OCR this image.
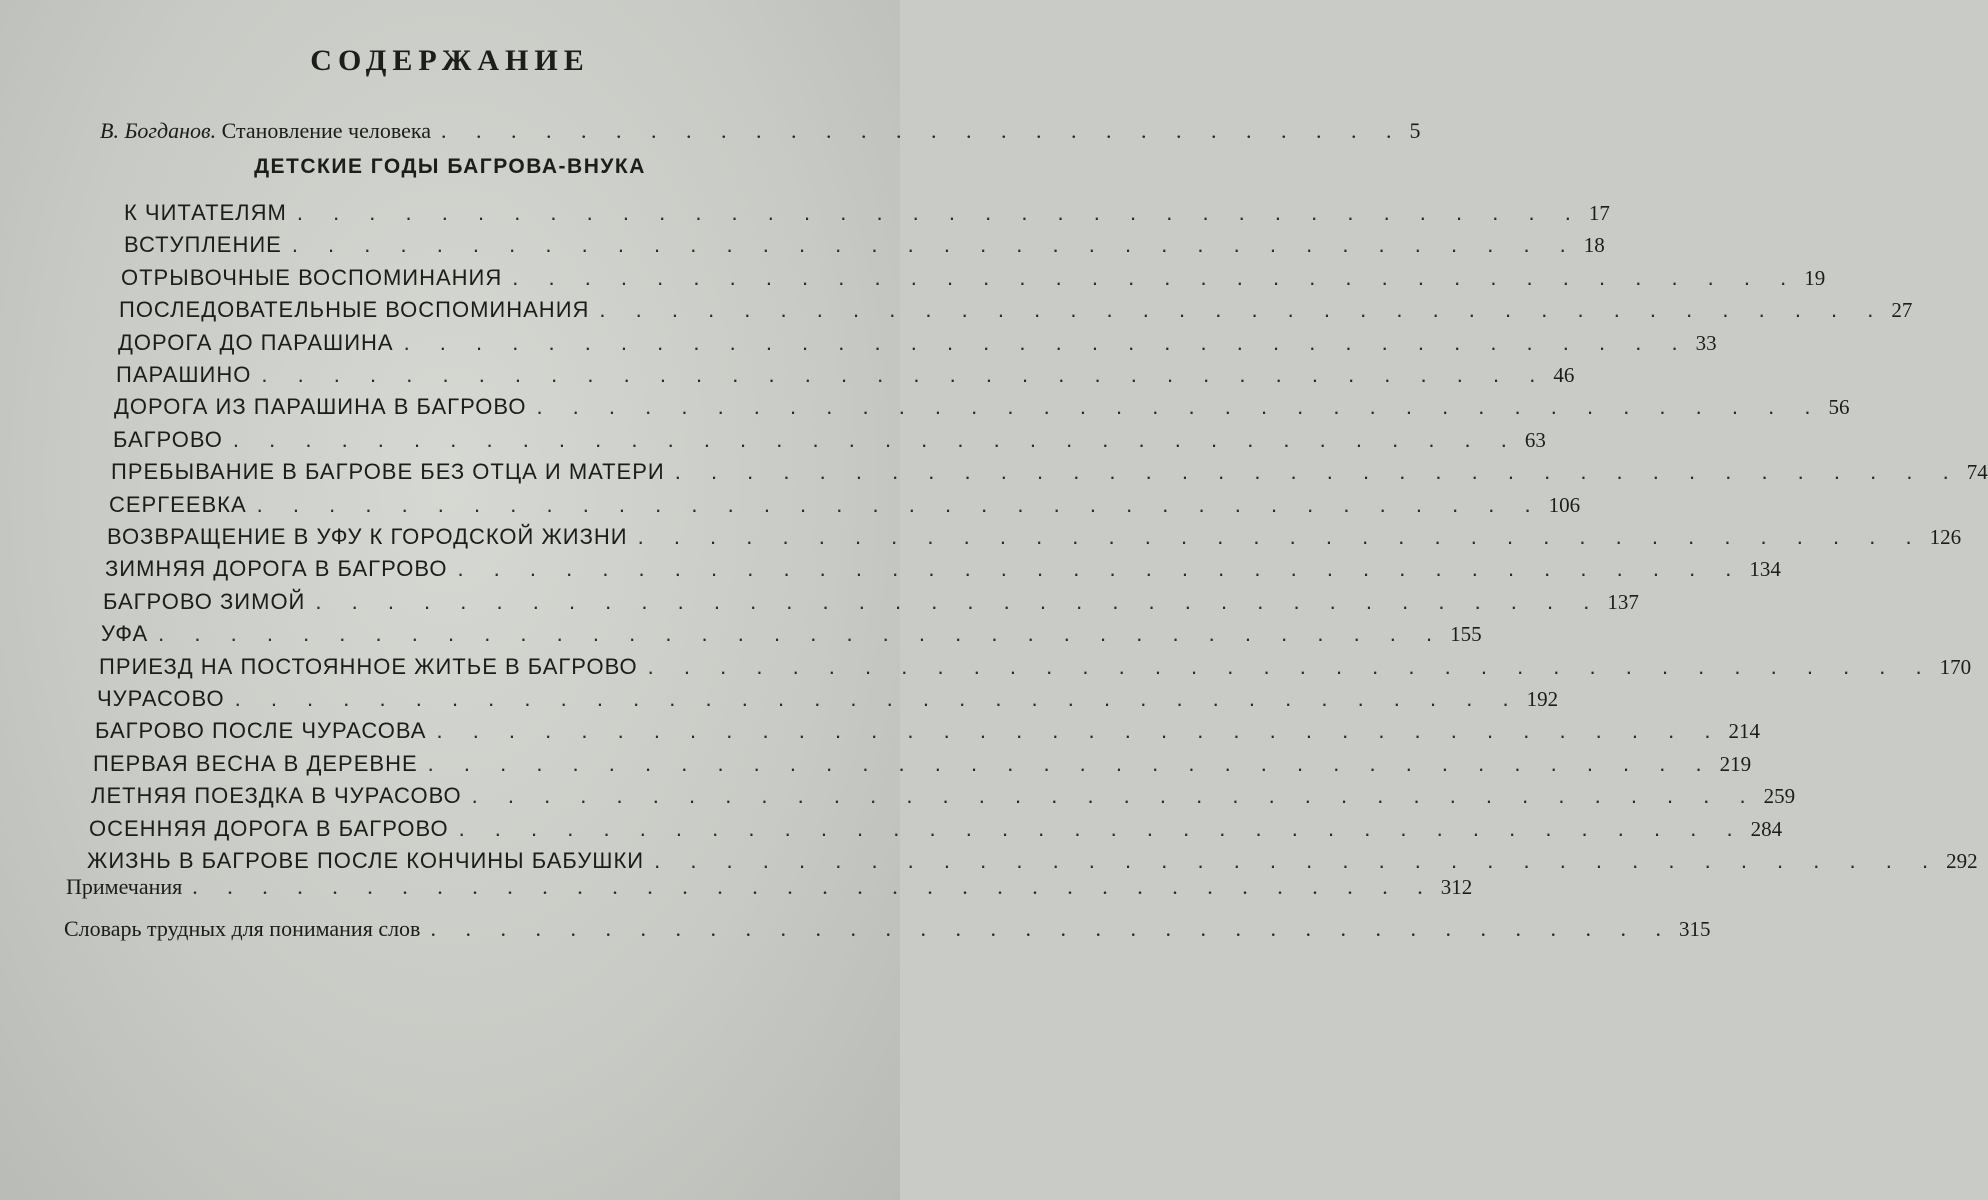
СОДЕРЖАНИЕ
В. Богданов. Становление человека . . . . . . . . . . . . . . . . . . . . . . . . . . . . 5
ДЕТСКИЕ ГОДЫ БАГРОВА-ВНУКА
К ЧИТАТЕЛЯМ . . . . . . . . . . . . . . . . . . . . . . . . . . . . . . . . . . . . 17
ВСТУПЛЕНИЕ . . . . . . . . . . . . . . . . . . . . . . . . . . . . . . . . . . . . 18
ОТРЫВОЧНЫЕ ВОСПОМИНАНИЯ . . . . . . . . . . . . . . . . . . . . . . . . . . . . . . . . . . . . 19
ПОСЛЕДОВАТЕЛЬНЫЕ ВОСПОМИНАНИЯ . . . . . . . . . . . . . . . . . . . . . . . . . . . . . . . . . . . . 27
ДОРОГА ДО ПАРАШИНА . . . . . . . . . . . . . . . . . . . . . . . . . . . . . . . . . . . . 33
ПАРАШИНО . . . . . . . . . . . . . . . . . . . . . . . . . . . . . . . . . . . . 46
ДОРОГА ИЗ ПАРАШИНА В БАГРОВО . . . . . . . . . . . . . . . . . . . . . . . . . . . . . . . . . . . . 56
БАГРОВО . . . . . . . . . . . . . . . . . . . . . . . . . . . . . . . . . . . . 63
ПРЕБЫВАНИЕ В БАГРОВЕ БЕЗ ОТЦА И МАТЕРИ . . . . . . . . . . . . . . . . . . . . . . . . . . . . . . . . . . . . 74
СЕРГЕЕВКА . . . . . . . . . . . . . . . . . . . . . . . . . . . . . . . . . . . . 106
ВОЗВРАЩЕНИЕ В УФУ К ГОРОДСКОЙ ЖИЗНИ . . . . . . . . . . . . . . . . . . . . . . . . . . . . . . . . . . . . 126
ЗИМНЯЯ ДОРОГА В БАГРОВО . . . . . . . . . . . . . . . . . . . . . . . . . . . . . . . . . . . . 134
БАГРОВО ЗИМОЙ . . . . . . . . . . . . . . . . . . . . . . . . . . . . . . . . . . . . 137
УФА . . . . . . . . . . . . . . . . . . . . . . . . . . . . . . . . . . . . 155
ПРИЕЗД НА ПОСТОЯННОЕ ЖИТЬЕ В БАГРОВО . . . . . . . . . . . . . . . . . . . . . . . . . . . . . . . . . . . . 170
ЧУРАСОВО . . . . . . . . . . . . . . . . . . . . . . . . . . . . . . . . . . . . 192
БАГРОВО ПОСЛЕ ЧУРАСОВА . . . . . . . . . . . . . . . . . . . . . . . . . . . . . . . . . . . . 214
ПЕРВАЯ ВЕСНА В ДЕРЕВНЕ . . . . . . . . . . . . . . . . . . . . . . . . . . . . . . . . . . . . 219
ЛЕТНЯЯ ПОЕЗДКА В ЧУРАСОВО . . . . . . . . . . . . . . . . . . . . . . . . . . . . . . . . . . . . 259
ОСЕННЯЯ ДОРОГА В БАГРОВО . . . . . . . . . . . . . . . . . . . . . . . . . . . . . . . . . . . . 284
ЖИЗНЬ В БАГРОВЕ ПОСЛЕ КОНЧИНЫ БАБУШКИ . . . . . . . . . . . . . . . . . . . . . . . . . . . . . . . . . . . . 292
Примечания . . . . . . . . . . . . . . . . . . . . . . . . . . . . . . . . . . . . 312
Словарь трудных для понимания слов . . . . . . . . . . . . . . . . . . . . . . . . . . . . . . . . . . . . 315
